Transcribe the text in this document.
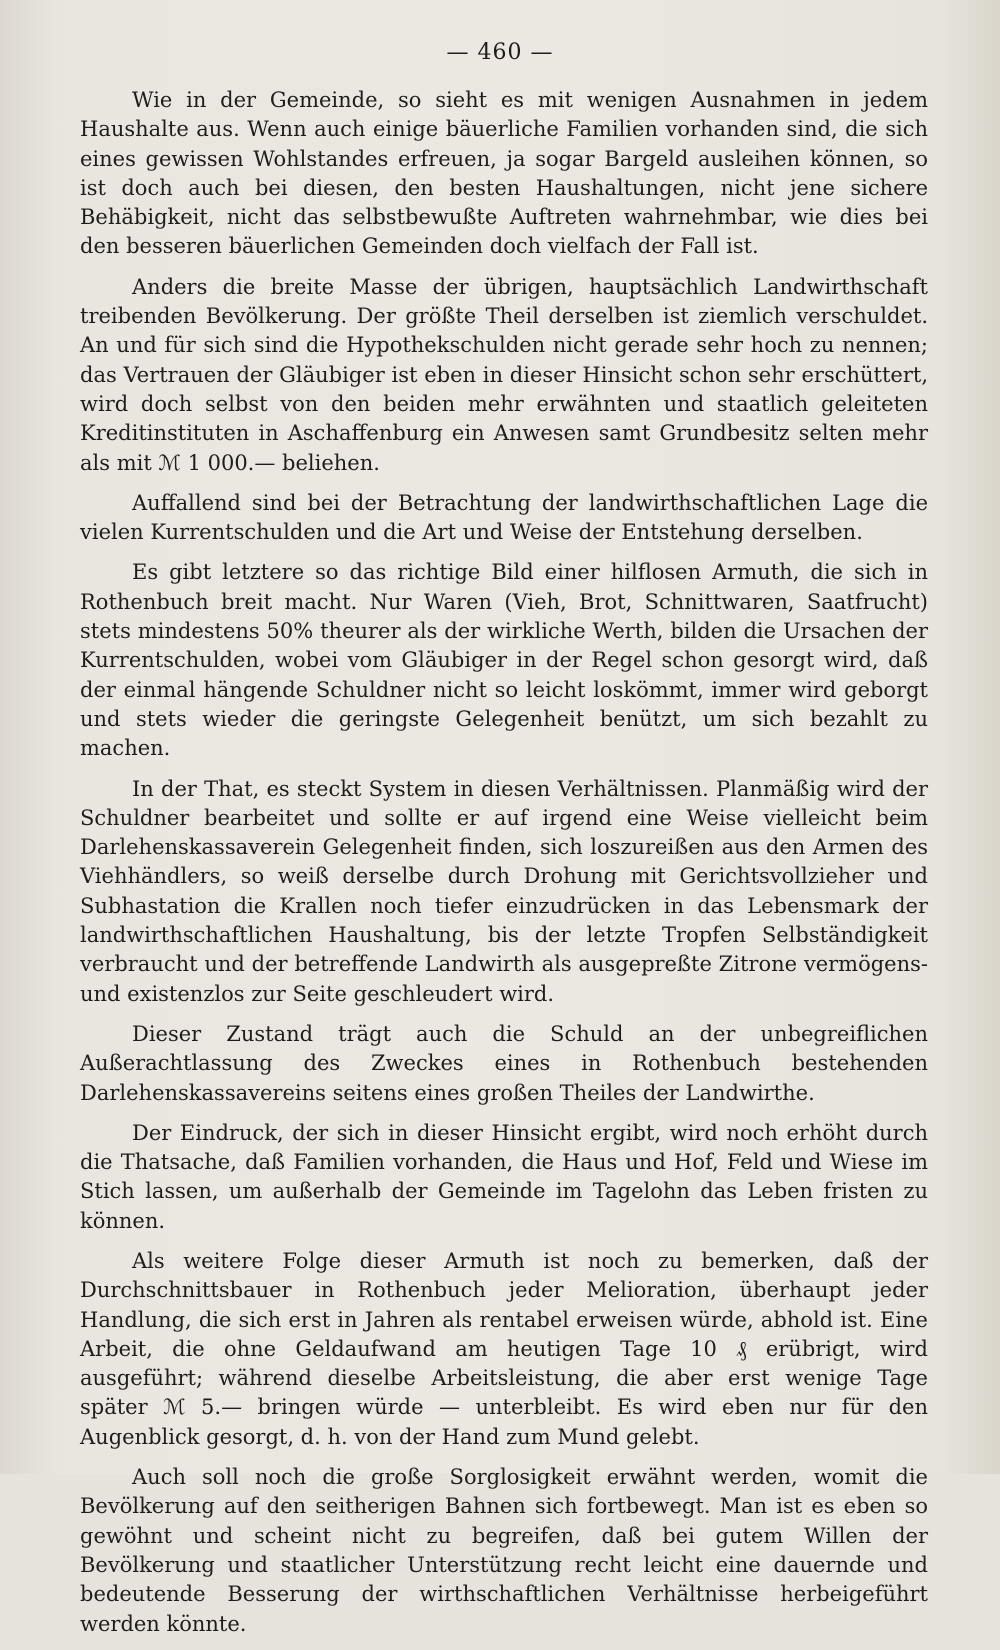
— 460 —

Wie in der Gemeinde, so sieht es mit wenigen Ausnahmen in jedem Haushalte aus. Wenn auch einige bäuerliche Familien vorhanden sind, die sich eines gewissen Wohlstandes erfreuen, ja sogar Bargeld ausleihen können, so ist doch auch bei diesen, den besten Haushaltungen, nicht jene sichere Behäbigkeit, nicht das selbstbewußte Auftreten wahrnehmbar, wie dies bei den besseren bäuerlichen Gemeinden doch vielfach der Fall ist.

Anders die breite Masse der übrigen, hauptsächlich Landwirthschaft treibenden Bevölkerung. Der größte Theil derselben ist ziemlich verschuldet. An und für sich sind die Hypothekschulden nicht gerade sehr hoch zu nennen; das Vertrauen der Gläubiger ist eben in dieser Hinsicht schon sehr erschüttert, wird doch selbst von den beiden mehr erwähnten und staatlich geleiteten Kreditinstituten in Aschaffenburg ein Anwesen samt Grundbesitz selten mehr als mit ℳ 1 000.— beliehen.

Auffallend sind bei der Betrachtung der landwirthschaftlichen Lage die vielen Kurrentschulden und die Art und Weise der Entstehung derselben.

Es gibt letztere so das richtige Bild einer hilflosen Armuth, die sich in Rothenbuch breit macht. Nur Waren (Vieh, Brot, Schnittwaren, Saatfrucht) stets mindestens 50% theurer als der wirkliche Werth, bilden die Ursachen der Kurrentschulden, wobei vom Gläubiger in der Regel schon gesorgt wird, daß der einmal hängende Schuldner nicht so leicht loskömmt, immer wird geborgt und stets wieder die geringste Gelegenheit benützt, um sich bezahlt zu machen.

In der That, es steckt System in diesen Verhältnissen. Planmäßig wird der Schuldner bearbeitet und sollte er auf irgend eine Weise vielleicht beim Darlehenskassaverein Gelegenheit finden, sich loszureißen aus den Armen des Viehhändlers, so weiß derselbe durch Drohung mit Gerichtsvollzieher und Subhastation die Krallen noch tiefer einzudrücken in das Lebensmark der landwirthschaftlichen Haushaltung, bis der letzte Tropfen Selbständigkeit verbraucht und der betreffende Landwirth als ausgepreßte Zitrone vermögens- und existenzlos zur Seite geschleudert wird.

Dieser Zustand trägt auch die Schuld an der unbegreiflichen Außerachtlassung des Zweckes eines in Rothenbuch bestehenden Darlehenskassavereins seitens eines großen Theiles der Landwirthe.

Der Eindruck, der sich in dieser Hinsicht ergibt, wird noch erhöht durch die Thatsache, daß Familien vorhanden, die Haus und Hof, Feld und Wiese im Stich lassen, um außerhalb der Gemeinde im Tagelohn das Leben fristen zu können.

Als weitere Folge dieser Armuth ist noch zu bemerken, daß der Durchschnittsbauer in Rothenbuch jeder Melioration, überhaupt jeder Handlung, die sich erst in Jahren als rentabel erweisen würde, abhold ist. Eine Arbeit, die ohne Geldaufwand am heutigen Tage 10 ₰ erübrigt, wird ausgeführt; während dieselbe Arbeitsleistung, die aber erst wenige Tage später ℳ 5.— bringen würde — unterbleibt. Es wird eben nur für den Augenblick gesorgt, d. h. von der Hand zum Mund gelebt.

Auch soll noch die große Sorglosigkeit erwähnt werden, womit die Bevölkerung auf den seitherigen Bahnen sich fortbewegt. Man ist es eben so gewöhnt und scheint nicht zu begreifen, daß bei gutem Willen der Bevölkerung und staatlicher Unterstützung recht leicht eine dauernde und bedeutende Besserung der wirthschaftlichen Verhältnisse herbeigeführt werden könnte.
